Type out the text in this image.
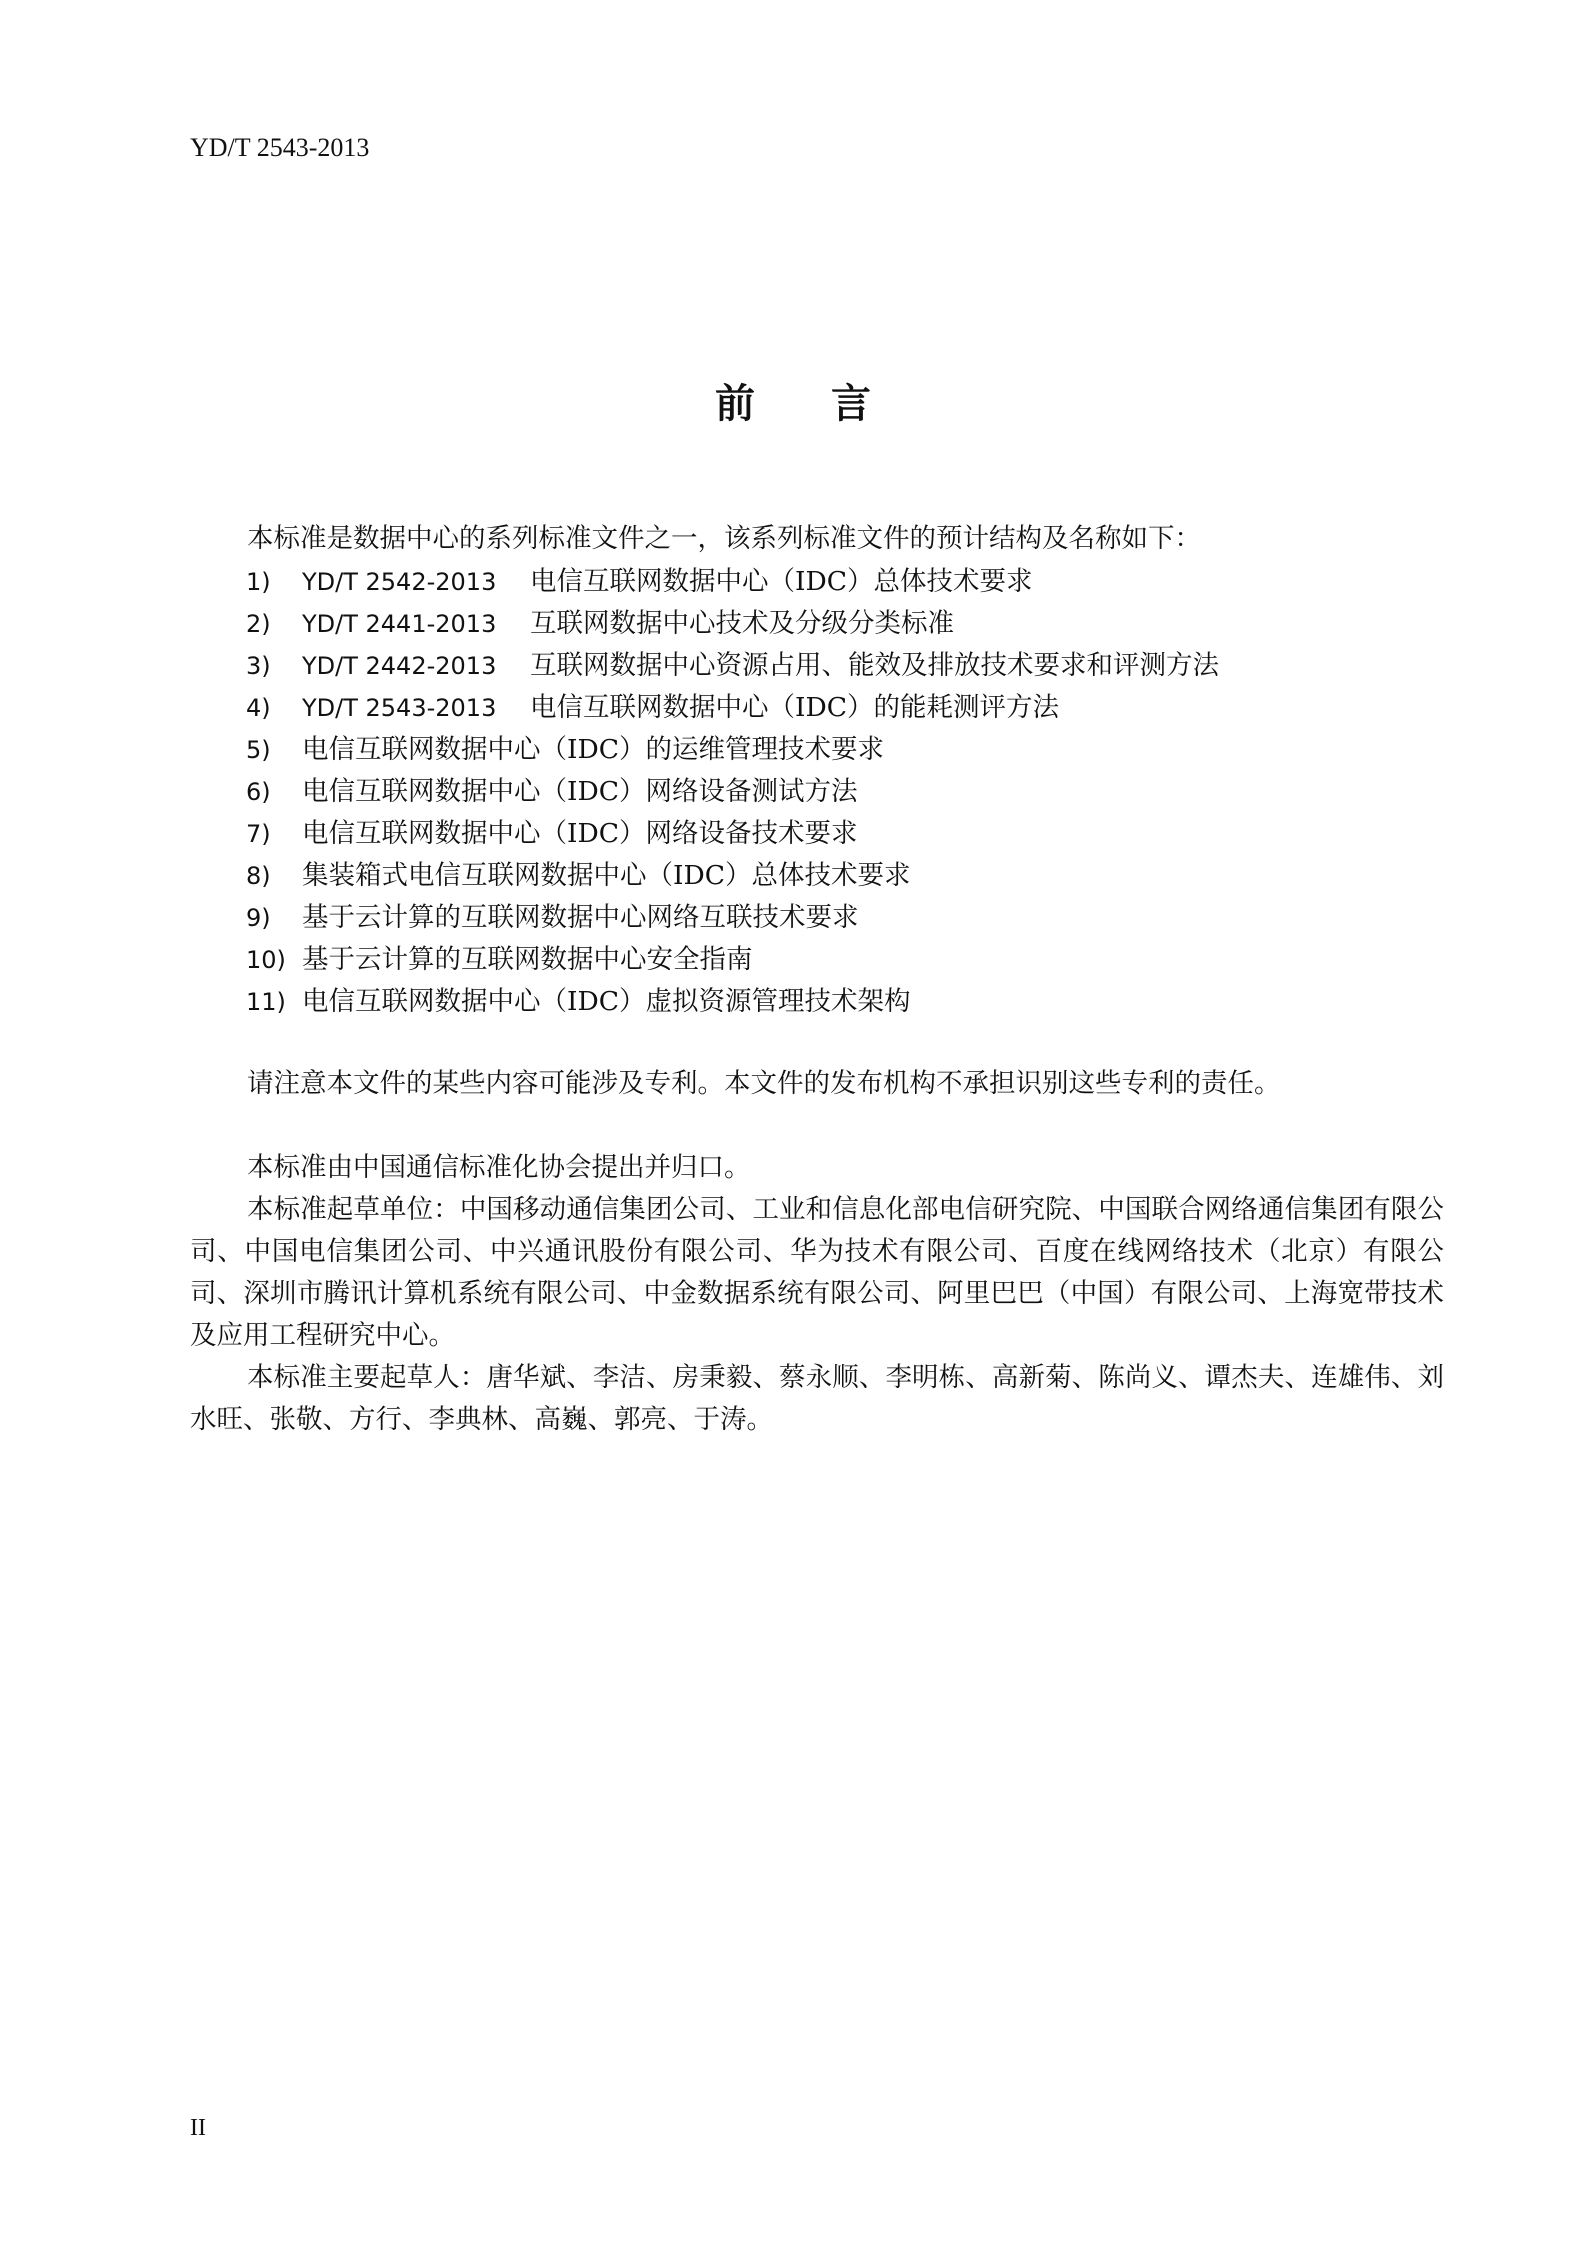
YD/T 2543-2013
前 言
本标准是数据中心的系列标准文件之一，该系列标准文件的预计结构及名称如下：
1) YD/T 2542-2013 电信互联网数据中心（IDC）总体技术要求
2) YD/T 2441-2013 互联网数据中心技术及分级分类标准
3) YD/T 2442-2013 互联网数据中心资源占用、能效及排放技术要求和评测方法
4) YD/T 2543-2013 电信互联网数据中心（IDC）的能耗测评方法
5) 电信互联网数据中心（IDC）的运维管理技术要求
6) 电信互联网数据中心（IDC）网络设备测试方法
7) 电信互联网数据中心（IDC）网络设备技术要求
8) 集装箱式电信互联网数据中心（IDC）总体技术要求
9) 基于云计算的互联网数据中心网络互联技术要求
10) 基于云计算的互联网数据中心安全指南
11) 电信互联网数据中心（IDC）虚拟资源管理技术架构
请注意本文件的某些内容可能涉及专利。本文件的发布机构不承担识别这些专利的责任。
本标准由中国通信标准化协会提出并归口。
本标准起草单位：中国移动通信集团公司、工业和信息化部电信研究院、中国联合网络通信集团有限公司、中国电信集团公司、中兴通讯股份有限公司、华为技术有限公司、百度在线网络技术（北京）有限公司、深圳市腾讯计算机系统有限公司、中金数据系统有限公司、阿里巴巴（中国）有限公司、上海宽带技术及应用工程研究中心。
本标准主要起草人：唐华斌、李洁、房秉毅、蔡永顺、李明栋、高新菊、陈尚义、谭杰夫、连雄伟、刘水旺、张敬、方行、李典林、高巍、郭亮、于涛。
II
